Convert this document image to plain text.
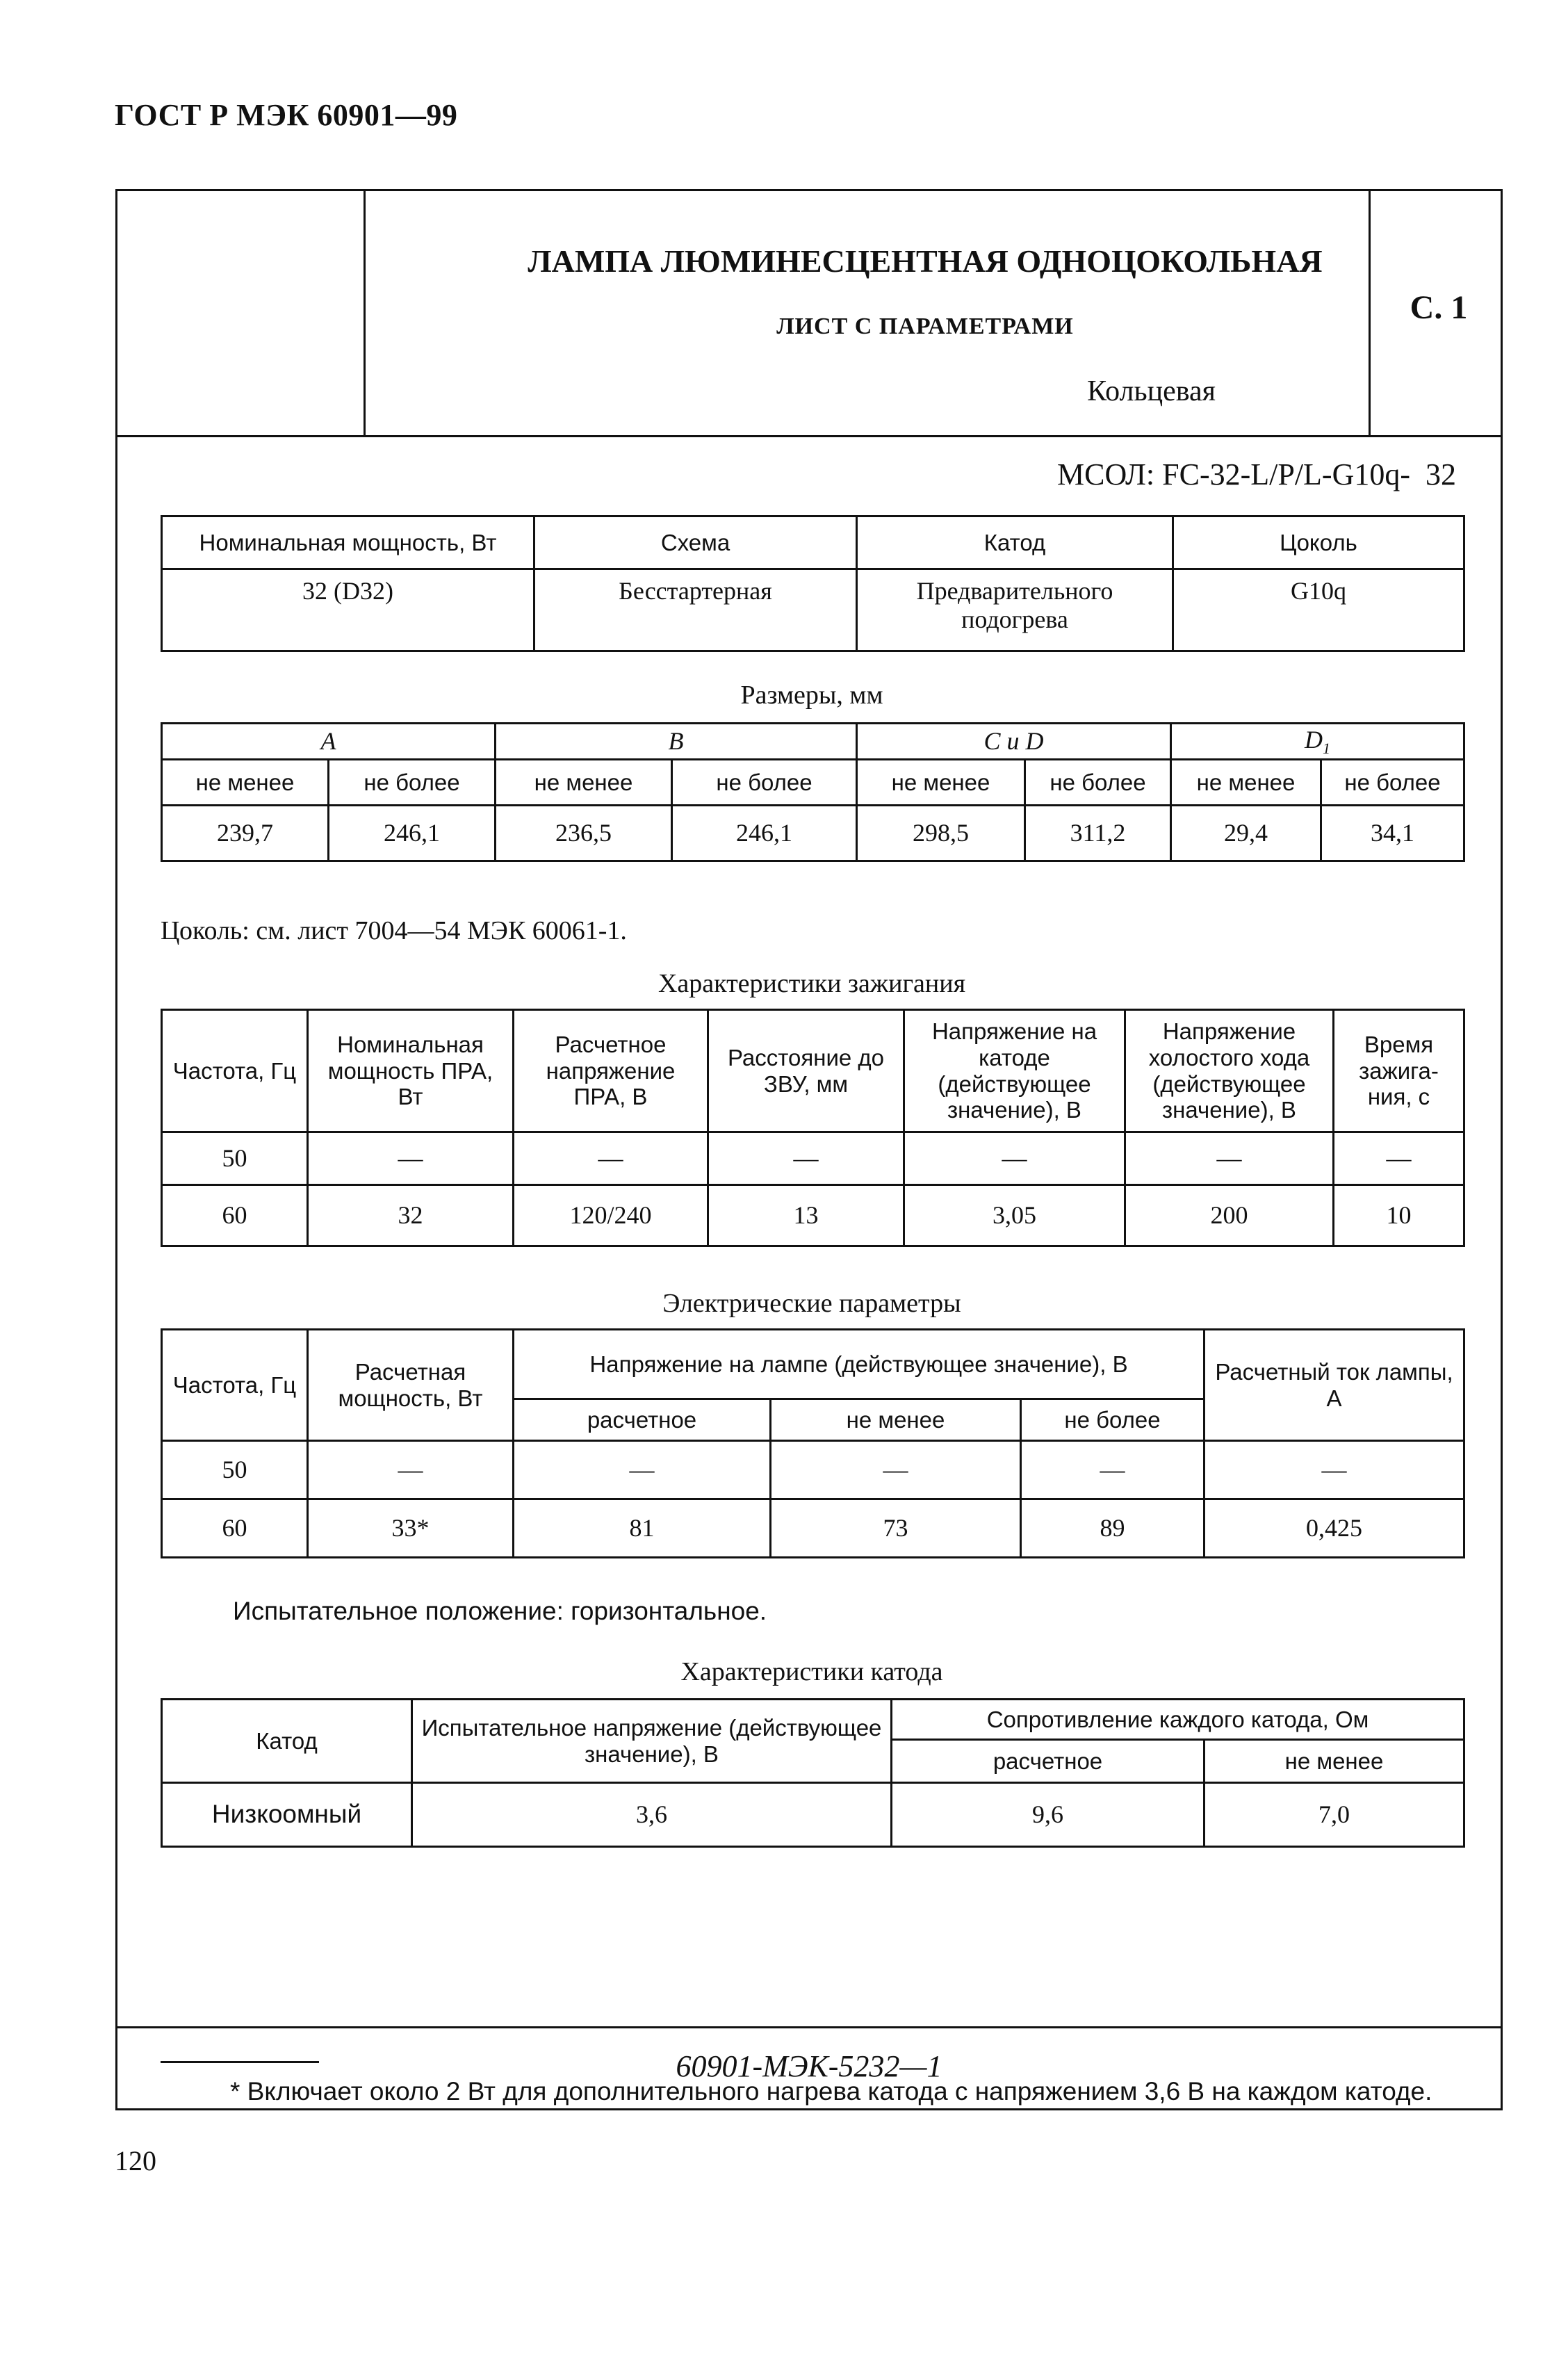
ГОСТ Р МЭК 60901—99
ЛАМПА ЛЮМИНЕСЦЕНТНАЯ ОДНОЦОКОЛЬНАЯ
ЛИСТ С ПАРАМЕТРАМИ
Кольцевая
С. 1
МСОЛ: FC-32-L/P/L-G10q- 32
Номинальная мощность, Вт	Схема	Катод	Цоколь
32 (D32)	Бесстартерная	Предварительного подогрева	G10q
Размеры, мм
A		B		C и D		$D_1$
не менее	не более	не менее	не более	не менее	не более	не менее	не более
239,7	246,1	236,5	246,1	298,5	311,2	29,4	34,1
Цоколь: см. лист 7004—54 МЭК 60061-1.
Характеристики зажигания
Частота, Гц	Номинальная мощность ПРА, Вт	Расчетное напряжение ПРА, В	Расстояние до ЗВУ, мм	Напряжение на катоде (действующее значение), В	Напряжение холостого хода (действующее значение), В	Время зажига-ния, с
50	—	—	—	—	—	—
60	32	120/240	13	3,05	200	10
Электрические параметры
Частота, Гц	Расчетная мощность, Вт	Напряжение на лампе (действующее значение), В			Расчетный ток лампы, А
		расчетное	не менее	не более	
50	—	—	—	—	—
60	33*	81	73	89	0,425
Испытательное положение: горизонтальное.
Характеристики катода
Катод	Испытательное напряжение (действующее значение), В	Сопротивление каждого катода, Ом	
		расчетное	не менее
Низкоомный	3,6	9,6	7,0
* Включает около 2 Вт для дополнительного нагрева катода с напряжением 3,6 В на каждом катоде.
60901-МЭК-5232—1
120
